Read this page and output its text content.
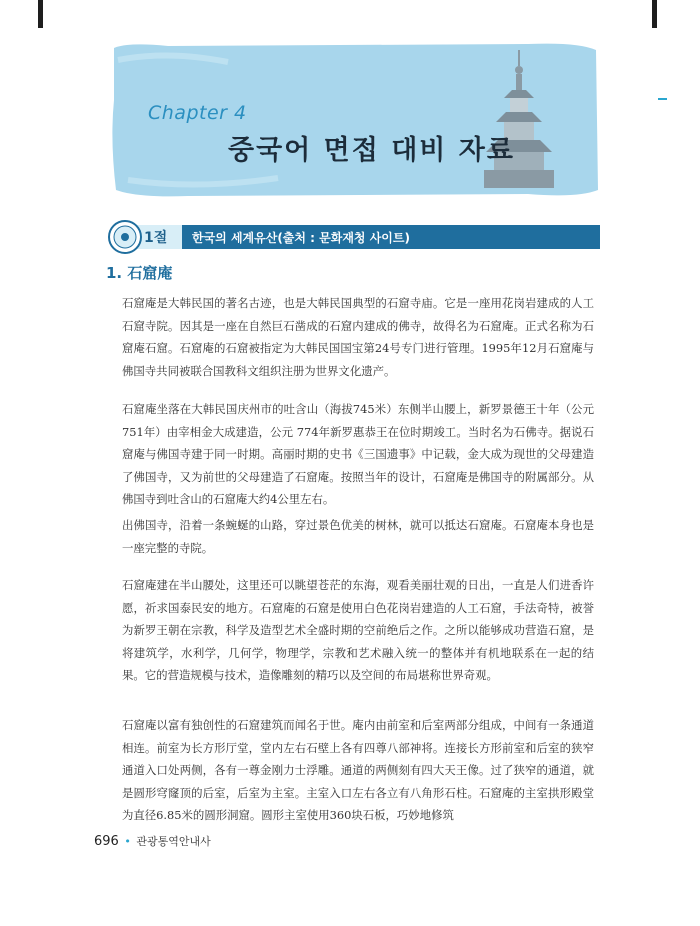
Chapter 4
중국어 면접 대비 자료
1절 한국의 세계유산(출처 : 문화재청 사이트)
1. 石窟庵

石窟庵是大韩民国的著名古迹，也是大韩民国典型的石窟寺庙。它是一座用花岗岩建成的人工石窟寺院。因其是一座在自然巨石凿成的石窟内建成的佛寺，故得名为石窟庵。正式名称为石窟庵石窟。石窟庵的石窟被指定为大韩民国国宝第24号专门进行管理。1995年12月石窟庵与佛国寺共同被联合国教科文组织注册为世界文化遗产。

石窟庵坐落在大韩民国庆州市的吐含山（海拔745米）东侧半山腰上，新罗景德王十年（公元751年）由宰相金大成建造，公元 774年新罗惠恭王在位时期竣工。当时名为石佛寺。据说石窟庵与佛国寺建于同一时期。高丽时期的史书《三国遗事》中记载，金大成为现世的父母建造了佛国寺，又为前世的父母建造了石窟庵。按照当年的设计，石窟庵是佛国寺的附属部分。从佛国寺到吐含山的石窟庵大约4公里左右。

出佛国寺，沿着一条蜿蜒的山路，穿过景色优美的树林，就可以抵达石窟庵。石窟庵本身也是一座完整的寺院。

石窟庵建在半山腰处，这里还可以眺望苍茫的东海，观看美丽壮观的日出，一直是人们进香许愿，祈求国泰民安的地方。石窟庵的石窟是使用白色花岗岩建造的人工石窟，手法奇特，被誉为新罗王朝在宗教，科学及造型艺术全盛时期的空前绝后之作。之所以能够成功营造石窟，是将建筑学，水利学，几何学，物理学，宗教和艺术融入统一的整体并有机地联系在一起的结果。它的营造规模与技术，造像雕刻的精巧以及空间的布局堪称世界奇观。

石窟庵以富有独创性的石窟建筑而闻名于世。庵内由前室和后室两部分组成，中间有一条通道相连。前室为长方形厅堂，堂内左右石壁上各有四尊八部神将。连接长方形前室和后室的狭窄通道入口处两侧，各有一尊金刚力士浮雕。通道的两侧刻有四大天王像。过了狭窄的通道，就是圆形穹窿顶的后室，后室为主室。主室入口左右各立有八角形石柱。石窟庵的主室拱形殿堂为直径6.85米的圆形洞窟。圆形主室使用360块石板，巧妙地修筑

696 • 관광통역안내사
